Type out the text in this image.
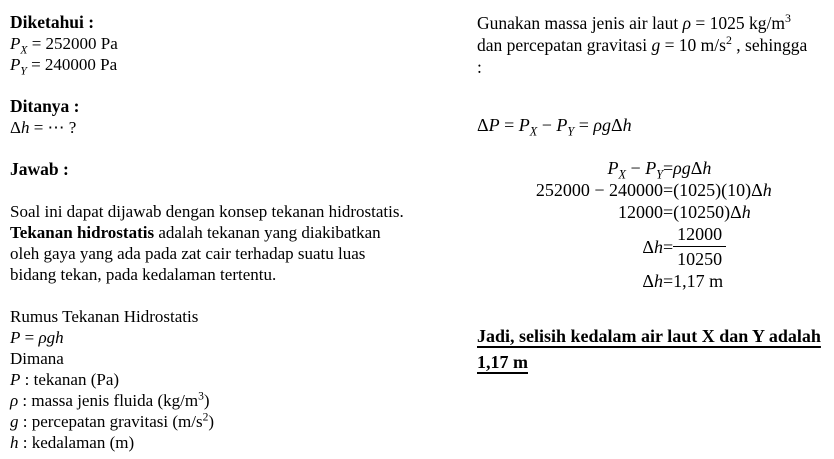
Diketahui :
$P_X = 252000$ Pa
$P_Y = 240000$ Pa
Ditanya :
Δh = ⋯ ?
Jawab :
Soal ini dapat dijawab dengan konsep tekanan hidrostatis.
Tekanan hidrostatis adalah tekanan yang diakibatkan
oleh gaya yang ada pada zat cair terhadap suatu luas
bidang tekan, pada kedalaman tertentu.
Rumus Tekanan Hidrostatis
P = ρgh
Dimana
P : tekanan (Pa)
ρ : massa jenis fluida $(kg/m^3)$
g : percepatan gravitasi $(m/s^2)$
h : kedalaman (m)
Gunakan massa jenis air laut ρ = 1025 $kg/m^3$
dan percepatan gravitasi g = 10 $m/s^2$ , sehingga
:
$\Delta P = P_X - P_Y = \rho g\Delta h$
$P_X - P_Y$	=	ρgΔh
252000 − 240000	=	(1025)(10)Δh
12000	=	(10250)Δh
Δh	=	$\frac{12000}{10250}$

Δh	=	1,17 m
Jadi, selisih kedalam air laut X dan Y adalah
1,17 m
